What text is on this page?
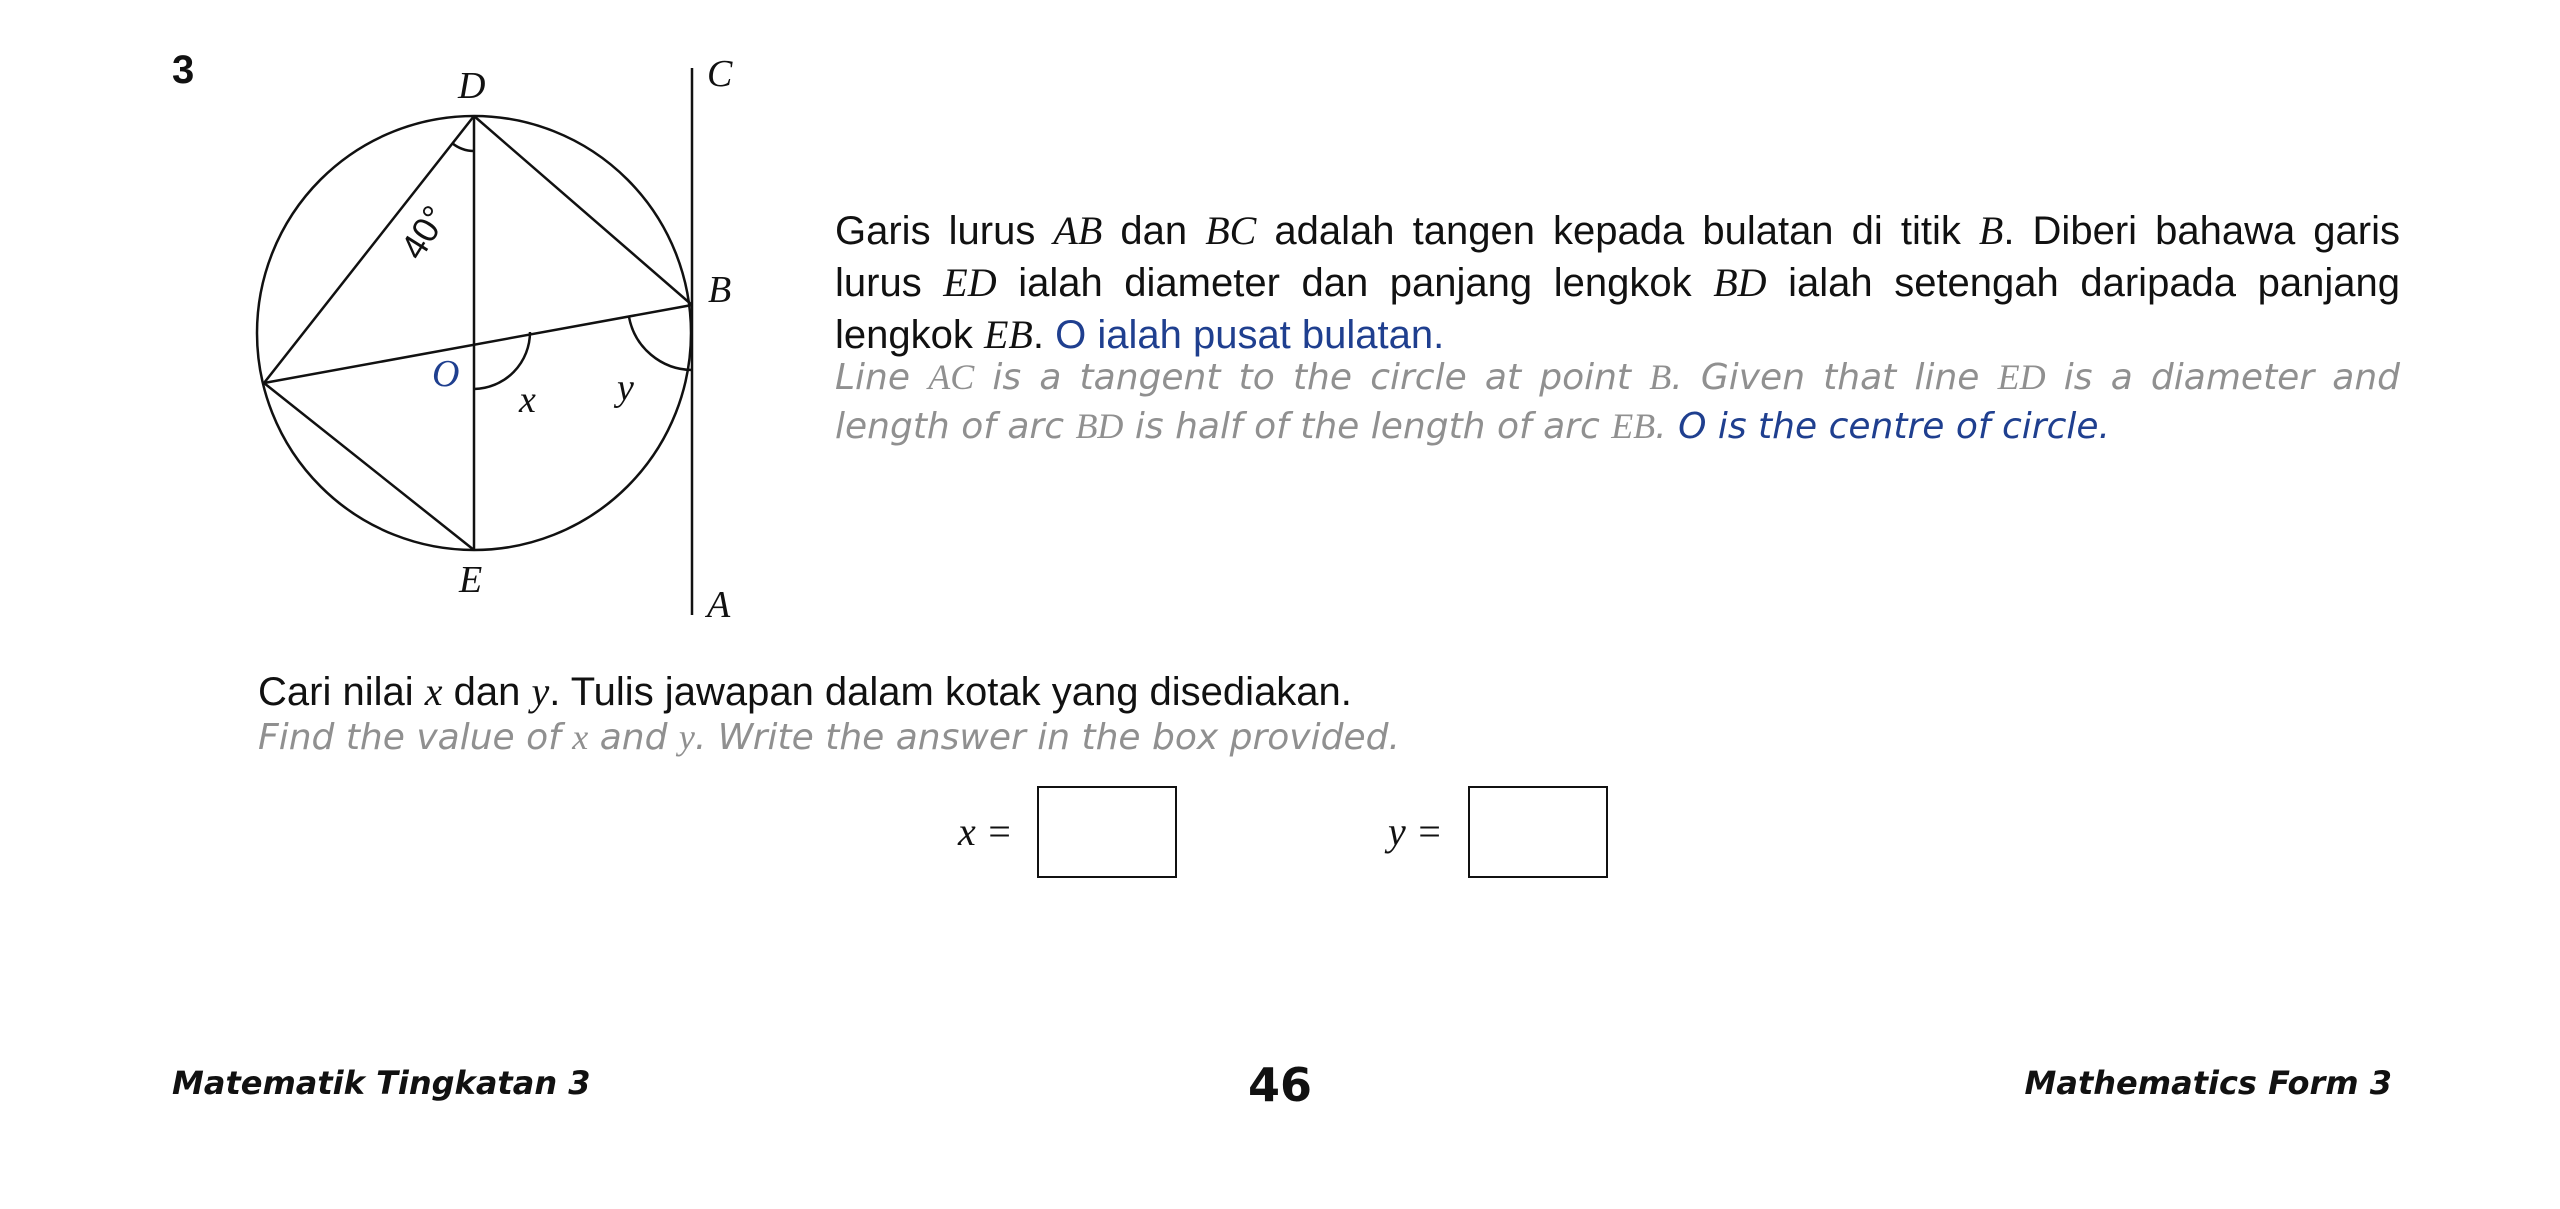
3	D	C
B
O
E
A
x y
40°	Garis lurus AB dan BC adalah tangen kepada bulatan di titik B. Diberi bahawa garis lurus ED ialah diameter dan panjang lengkok BD ialah setengah daripada panjang lengkok EB. O ialah pusat bulatan.
Line AC is a tangent to the circle at point B. Given that line ED is a diameter and length of arc BD is half of the length of arc EB. O is the centre of circle.
Cari nilai x dan y. Tulis jawapan dalam kotak yang disediakan.
Find the value of x and y. Write the answer in the box provided.
x =	y =
Matematik Tingkatan 3	46	Mathematics Form 3
